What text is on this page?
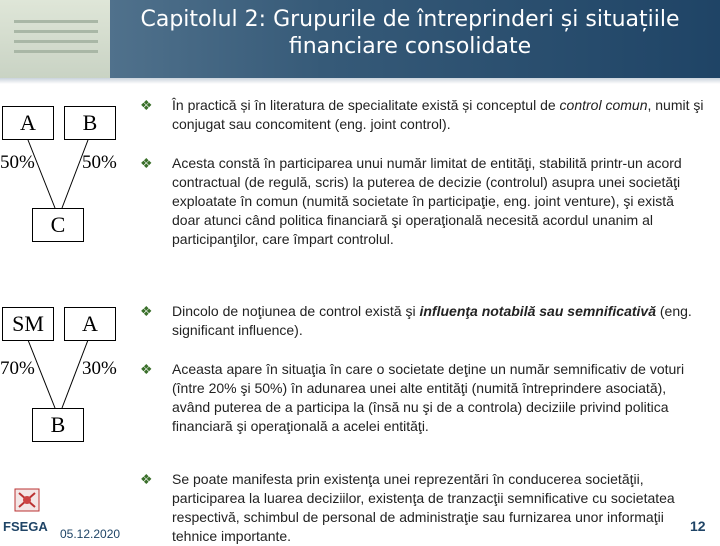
Capitolul 2: Grupurile de întreprinderi și situațiile
financiare consolidate
A	B
50% 50%
C
SM	A
70% 30%
B
❖ În practică și în literatura de specialitate există și conceptul de control comun, numit şi conjugat sau concomitent (eng. joint control).
❖ Acesta constă în participarea unui număr limitat de entităţi, stabilită printr-un acord contractual (de regulă, scris) la puterea de decizie (controlul) asupra unei societăţi exploatate în comun (numită societate în participaţie, eng. joint venture), şi există doar atunci când politica financiară şi operaţională necesită acordul unanim al participanţilor, care împart controlul.
❖ Dincolo de noţiunea de control există şi influenţa notabilă sau semnificativă (eng. significant influence).
❖ Aceasta apare în situaţia în care o societate deţine un număr semnificativ de voturi (între 20% şi 50%) în adunarea unei alte entităţi (numită întreprindere asociată), având puterea de a participa la (însă nu şi de a controla) deciziile privind politica financiară şi operaţională a acelei entităţi.
❖ Se poate manifesta prin existenţa unei reprezentări în conducerea societăţii, participarea la luarea deciziilor, existenţa de tranzacţii semnificative cu societatea respectivă, schimbul de personal de administraţie sau furnizarea unor informaţii tehnice importante.
FSEGA 05.12.2020	12
